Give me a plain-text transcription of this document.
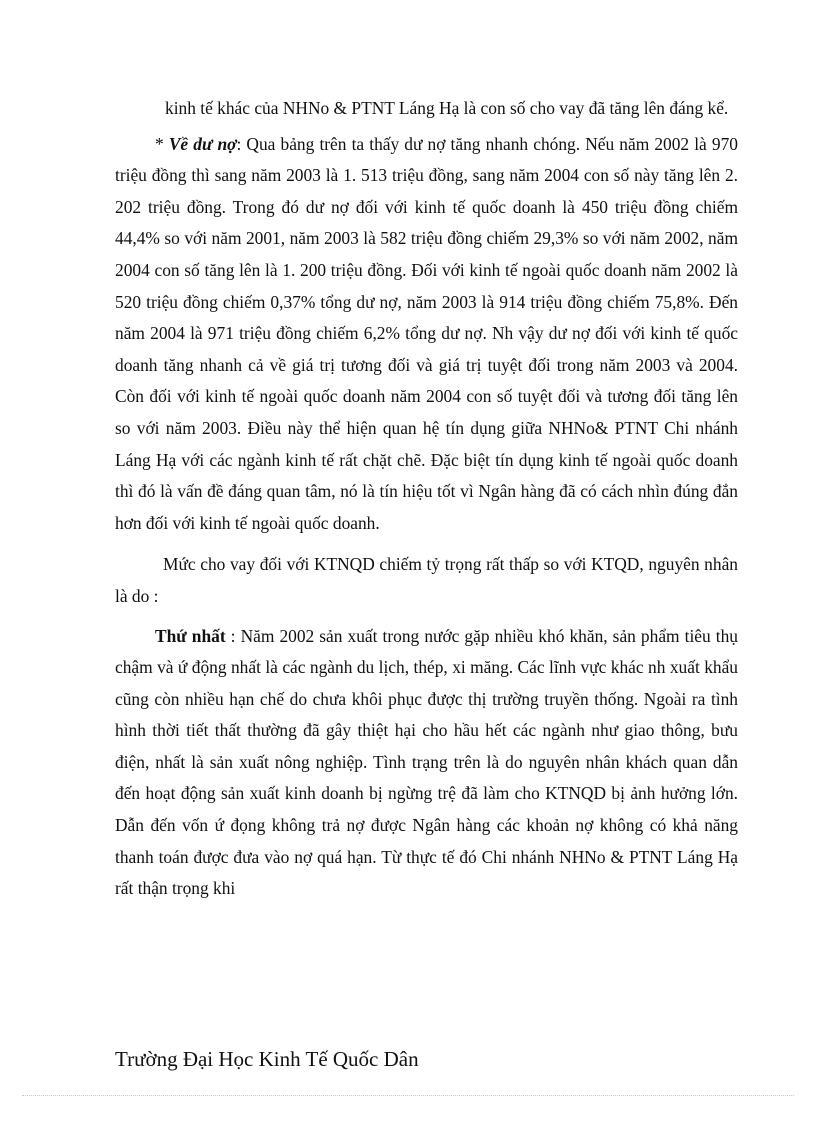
kinh tế khác của NHNo & PTNT Láng Hạ là con số cho vay đã tăng lên đáng kể.

* Về dư nợ: Qua bảng trên ta thấy dư nợ tăng nhanh chóng. Nếu năm 2002 là 970 triệu đồng thì sang năm 2003 là 1. 513 triệu đồng, sang năm 2004 con số này tăng lên 2. 202 triệu đồng. Trong đó dư nợ đối với kinh tế quốc doanh là 450 triệu đồng chiếm 44,4% so với năm 2001, năm 2003 là 582 triệu đồng chiếm 29,3% so với năm 2002, năm 2004 con số tăng lên là 1. 200 triệu đồng. Đối với kinh tế ngoài quốc doanh năm 2002 là 520 triệu đồng chiếm 0,37% tổng dư nợ, năm 2003 là 914 triệu đồng chiếm 75,8%. Đến năm 2004 là 971 triệu đồng chiếm 6,2% tổng dư nợ. Nh vậy dư nợ đối với kinh tế quốc doanh tăng nhanh cả về giá trị tương đối và giá trị tuyệt đối trong năm 2003 và 2004. Còn đối với kinh tế ngoài quốc doanh năm 2004 con số tuyệt đối và tương đối tăng lên so với năm 2003. Điều này thể hiện quan hệ tín dụng giữa NHNo& PTNT Chi nhánh Láng Hạ với các ngành kinh tế rất chặt chẽ. Đặc biệt tín dụng kinh tế ngoài quốc doanh thì đó là vấn đề đáng quan tâm, nó là tín hiệu tốt vì Ngân hàng đã có cách nhìn đúng đắn hơn đối với kinh tế ngoài quốc doanh.

Mức cho vay đối với KTNQD chiếm tỷ trọng rất thấp so với KTQD, nguyên nhân là do :

Thứ nhất : Năm 2002 sản xuất trong nước gặp nhiều khó khăn, sản phẩm tiêu thụ chậm và ứ động nhất là các ngành du lịch, thép, xi măng. Các lĩnh vực khác nh xuất khẩu cũng còn nhiều hạn chế do chưa khôi phục được thị trường truyền thống. Ngoài ra tình hình thời tiết thất thường đã gây thiệt hại cho hầu hết các ngành như giao thông, bưu điện, nhất là sản xuất nông nghiệp. Tình trạng trên là do nguyên nhân khách quan dẫn đến hoạt động sản xuất kinh doanh bị ngừng trệ đã làm cho KTNQD bị ảnh hưởng lớn. Dẫn đến vốn ứ đọng không trả nợ được Ngân hàng các khoản nợ không có khả năng thanh toán được đưa vào nợ quá hạn. Từ thực tế đó Chi nhánh NHNo & PTNT Láng Hạ rất thận trọng khi

Trường Đại Học Kinh Tế Quốc Dân
